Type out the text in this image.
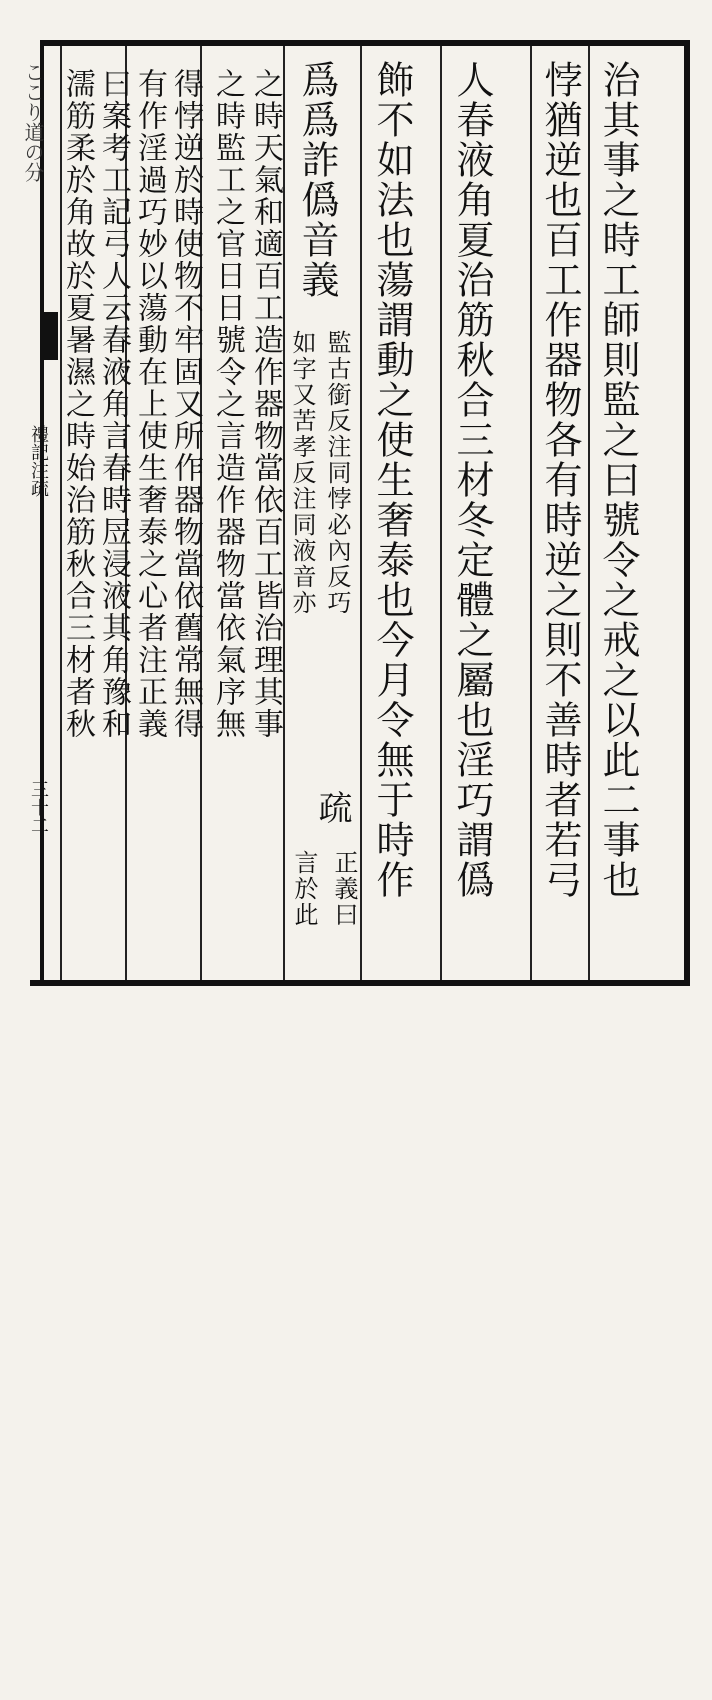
ここり道の分
禮記注疏
三十二	治其事之時工師則監之曰號令之戒之以此二事也
悖猶逆也百工作器物各有時逆之則不善時者若弓
人春液角夏治筋秋合三材冬定體之屬也淫巧謂僞
飾不如法也蕩謂動之使生奢泰也今月令無于時作
爲爲詐僞音義
監古銜反注同悖必內反巧
如字又苦孝反注同液音亦
疏
正義曰
言於此
之時天氣和適百工造作器物當依百工皆治理其事
之時監工之官日日號令之言造作器物當依氣序無
得悖逆於時使物不牢固又所作器物當依舊常無得
有作淫過巧妙以蕩動在上使生奢泰之心者注正義
曰案考工記弓人云春液角言春時㞐浸液其角豫和
濡筋柔於角故於夏暑濕之時始治筋秋合三材者秋
